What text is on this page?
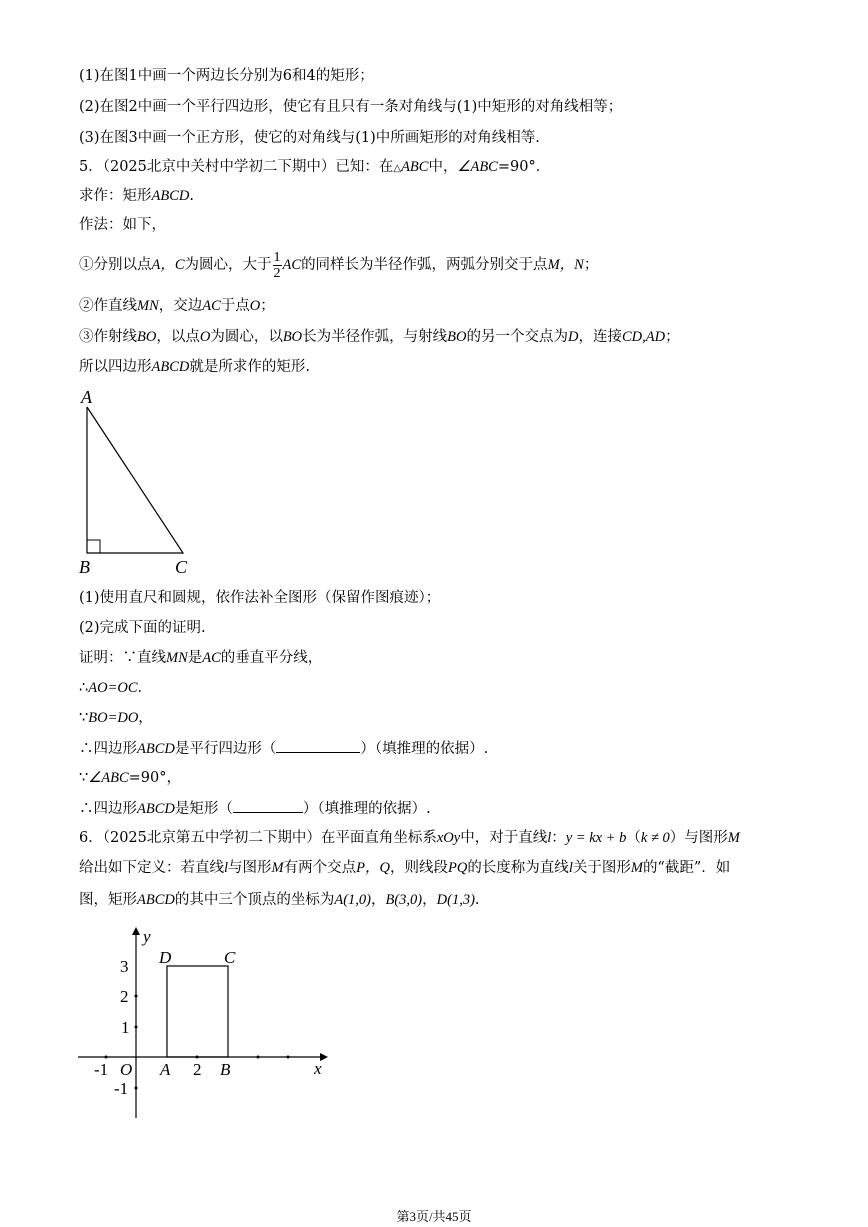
(1)在图1中画一个两边长分别为6和4的矩形；
(2)在图2中画一个平行四边形，使它有且只有一条对角线与(1)中矩形的对角线相等；
(3)在图3中画一个正方形，使它的对角线与(1)中所画矩形的对角线相等.
5．（2025北京中关村中学初二下期中）已知：在△ABC中，∠ABC=90°．
求作：矩形ABCD.
作法：如下，
①分别以点A，C为圆心，大于 $\frac{1}{2}$ AC的同样长为半径作弧，两弧分别交于点M，N；
②作直线MN，交边AC于点O；
③作射线BO，以点O为圆心，以BO长为半径作弧，与射线BO的另一个交点为D，连接CD,AD；
所以四边形ABCD就是所求作的矩形.
A
B	C
(1)使用直尺和圆规，依作法补全图形（保留作图痕迹）；
(2)完成下面的证明.
证明：∵直线MN是AC的垂直平分线，
∴AO=OC．
∵BO=DO，
∴四边形ABCD是平行四边形（	）（填推理的依据）.
∵∠ABC=90°，
∴四边形ABCD是矩形（	）（填推理的依据）.
6．（2025北京第五中学初二下期中）在平面直角坐标系xOy中，对于直线l：y = kx + b（k ≠ 0）与图形M
给出如下定义：若直线l与图形M有两个交点P，Q，则线段PQ的长度称为直线l关于图形M的“截距”．如
图，矩形ABCD的其中三个顶点的坐标为A(1,0)，B(3,0)，D(1,3).
y
x
O
-1	2
3
2
1
-1
A	B
C
D
第3页/共45页
